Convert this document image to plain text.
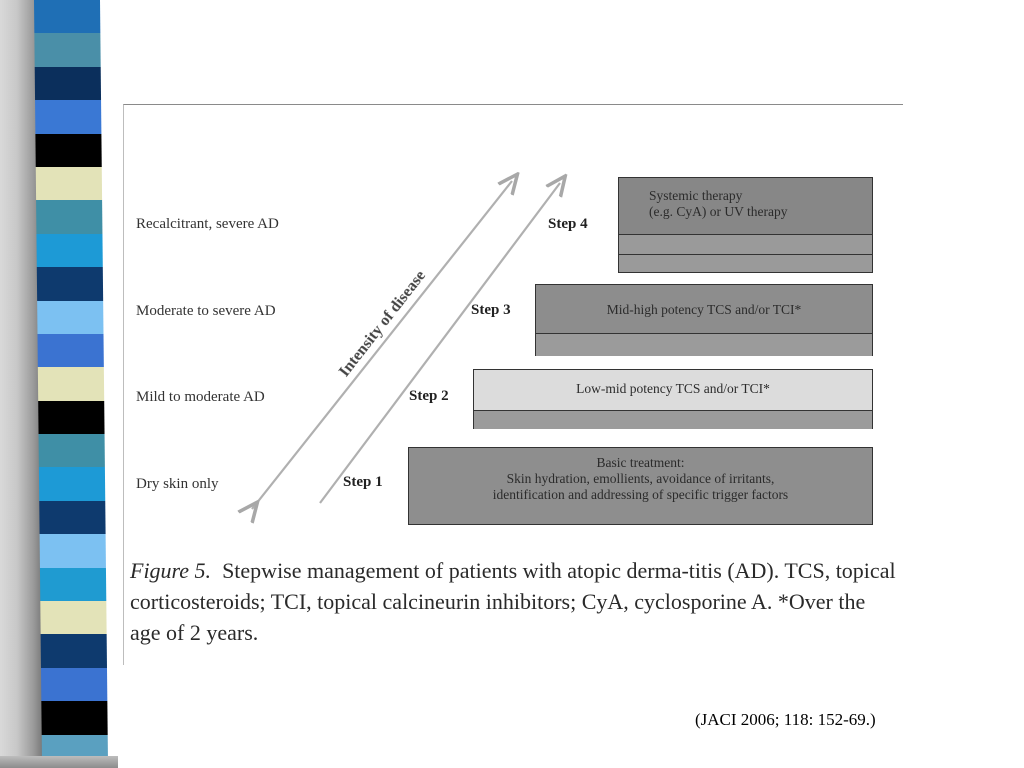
Intensity of disease
Recalcitrant, severe AD
Moderate to severe AD
Mild to moderate AD
Dry skin only
Step 4
Step 3
Step 2
Step 1
Systemic therapy
(e.g. CyA) or UV therapy
Mid-high potency TCS and/or TCI*
Low-mid potency TCS and/or TCI*
Basic treatment:
Skin hydration, emollients, avoidance of irritants,
identification and addressing of specific trigger factors
Figure 5. Stepwise management of patients with atopic derma-titis (AD). TCS, topical corticosteroids; TCI, topical calcineurin inhibitors; CyA, cyclosporine A. *Over the age of 2 years.
(JACI 2006; 118: 152-69.)
